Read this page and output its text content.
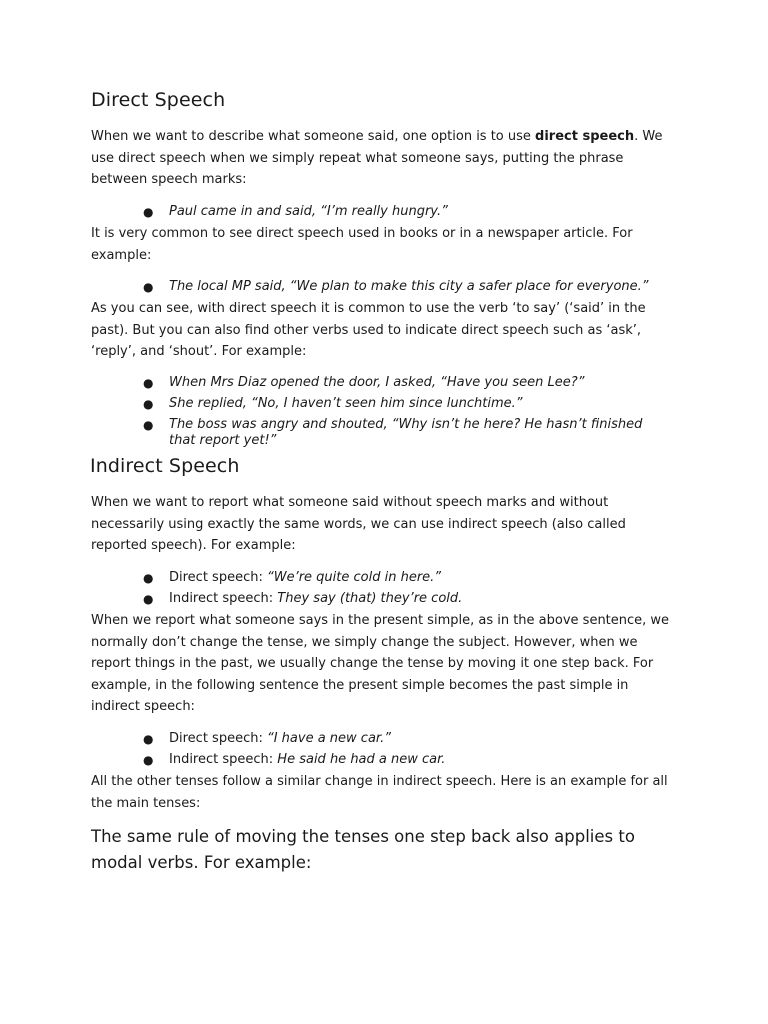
Direct Speech

When we want to describe what someone said, one option is to use direct speech. We use direct speech when we simply repeat what someone says, putting the phrase between speech marks:

● Paul came in and said, “I’m really hungry.”

It is very common to see direct speech used in books or in a newspaper article. For example:

● The local MP said, “We plan to make this city a safer place for everyone.”

As you can see, with direct speech it is common to use the verb ‘to say’ (‘said’ in the past). But you can also find other verbs used to indicate direct speech such as ‘ask’, ‘reply’, and ‘shout’. For example:

● When Mrs Diaz opened the door, I asked, “Have you seen Lee?”
● She replied, “No, I haven’t seen him since lunchtime.”
● The boss was angry and shouted, “Why isn’t he here? He hasn’t finished that report yet!”
Indirect Speech

When we want to report what someone said without speech marks and without necessarily using exactly the same words, we can use indirect speech (also called reported speech). For example:

● Direct speech: “We’re quite cold in here.”
● Indirect speech: They say (that) they’re cold.

When we report what someone says in the present simple, as in the above sentence, we normally don’t change the tense, we simply change the subject. However, when we report things in the past, we usually change the tense by moving it one step back. For example, in the following sentence the present simple becomes the past simple in indirect speech:

● Direct speech: “I have a new car.”
● Indirect speech: He said he had a new car.

All the other tenses follow a similar change in indirect speech. Here is an example for all the main tenses:

The same rule of moving the tenses one step back also applies to modal verbs. For example:
